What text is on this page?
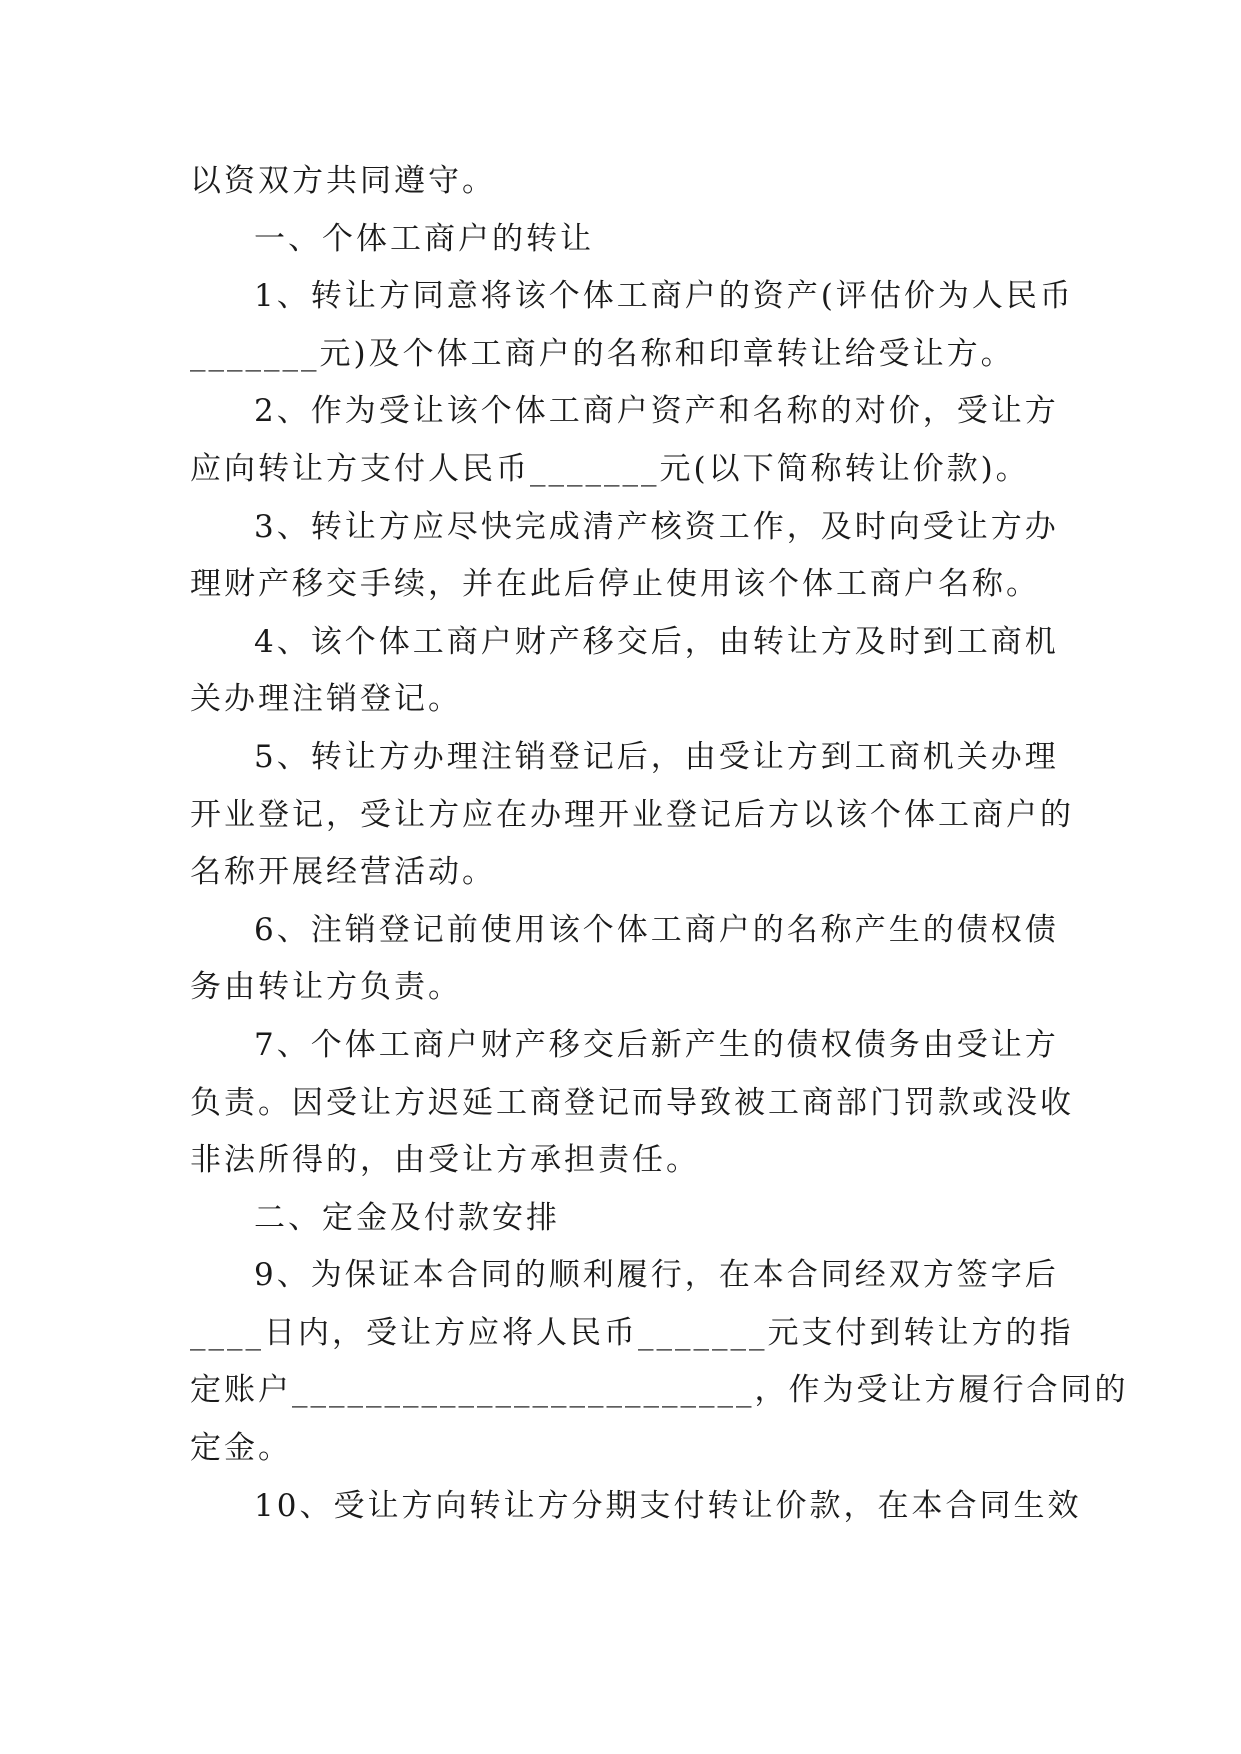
以资双方共同遵守。
一、个体工商户的转让
1、转让方同意将该个体工商户的资产(评估价为人民币
_______元)及个体工商户的名称和印章转让给受让方。
2、作为受让该个体工商户资产和名称的对价，受让方
应向转让方支付人民币_______元(以下简称转让价款)。
3、转让方应尽快完成清产核资工作，及时向受让方办
理财产移交手续，并在此后停止使用该个体工商户名称。
4、该个体工商户财产移交后，由转让方及时到工商机
关办理注销登记。
5、转让方办理注销登记后，由受让方到工商机关办理
开业登记，受让方应在办理开业登记后方以该个体工商户的
名称开展经营活动。
6、注销登记前使用该个体工商户的名称产生的债权债
务由转让方负责。
7、个体工商户财产移交后新产生的债权债务由受让方
负责。因受让方迟延工商登记而导致被工商部门罚款或没收
非法所得的，由受让方承担责任。
二、定金及付款安排
9、为保证本合同的顺利履行，在本合同经双方签字后
____日内，受让方应将人民币_______元支付到转让方的指
定账户_________________________，作为受让方履行合同的
定金。
10、受让方向转让方分期支付转让价款，在本合同生效
